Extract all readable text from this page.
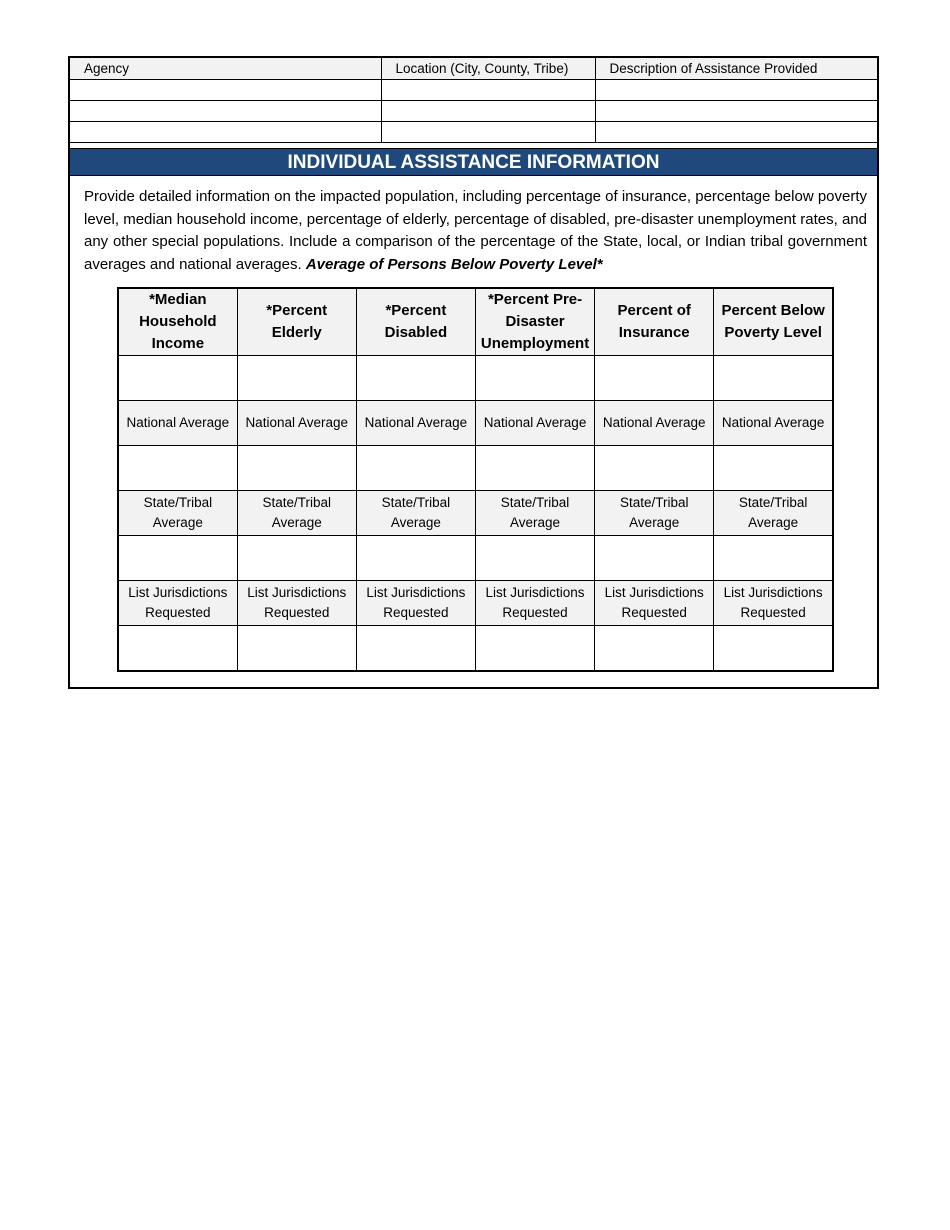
Agency	Location (City, County, Tribe)	Description of Assistance Provided

INDIVIDUAL ASSISTANCE INFORMATION
Provide detailed information on the impacted population, including percentage of insurance, percentage below poverty level, median household income, percentage of elderly, percentage of disabled, pre-disaster unemployment rates, and any other special populations. Include a comparison of the percentage of the State, local, or Indian tribal government averages and national averages. Average of Persons Below Poverty Level*
*Median Household Income	*Percent Elderly	*Percent Disabled	*Percent Pre-Disaster Unemployment	Percent of Insurance	Percent Below Poverty Level

National Average	National Average	National Average	National Average	National Average	National Average

State/Tribal Average	State/Tribal Average	State/Tribal Average	State/Tribal Average	State/Tribal Average	State/Tribal Average

List Jurisdictions Requested	List Jurisdictions Requested	List Jurisdictions Requested	List Jurisdictions Requested	List Jurisdictions Requested	List Jurisdictions Requested
